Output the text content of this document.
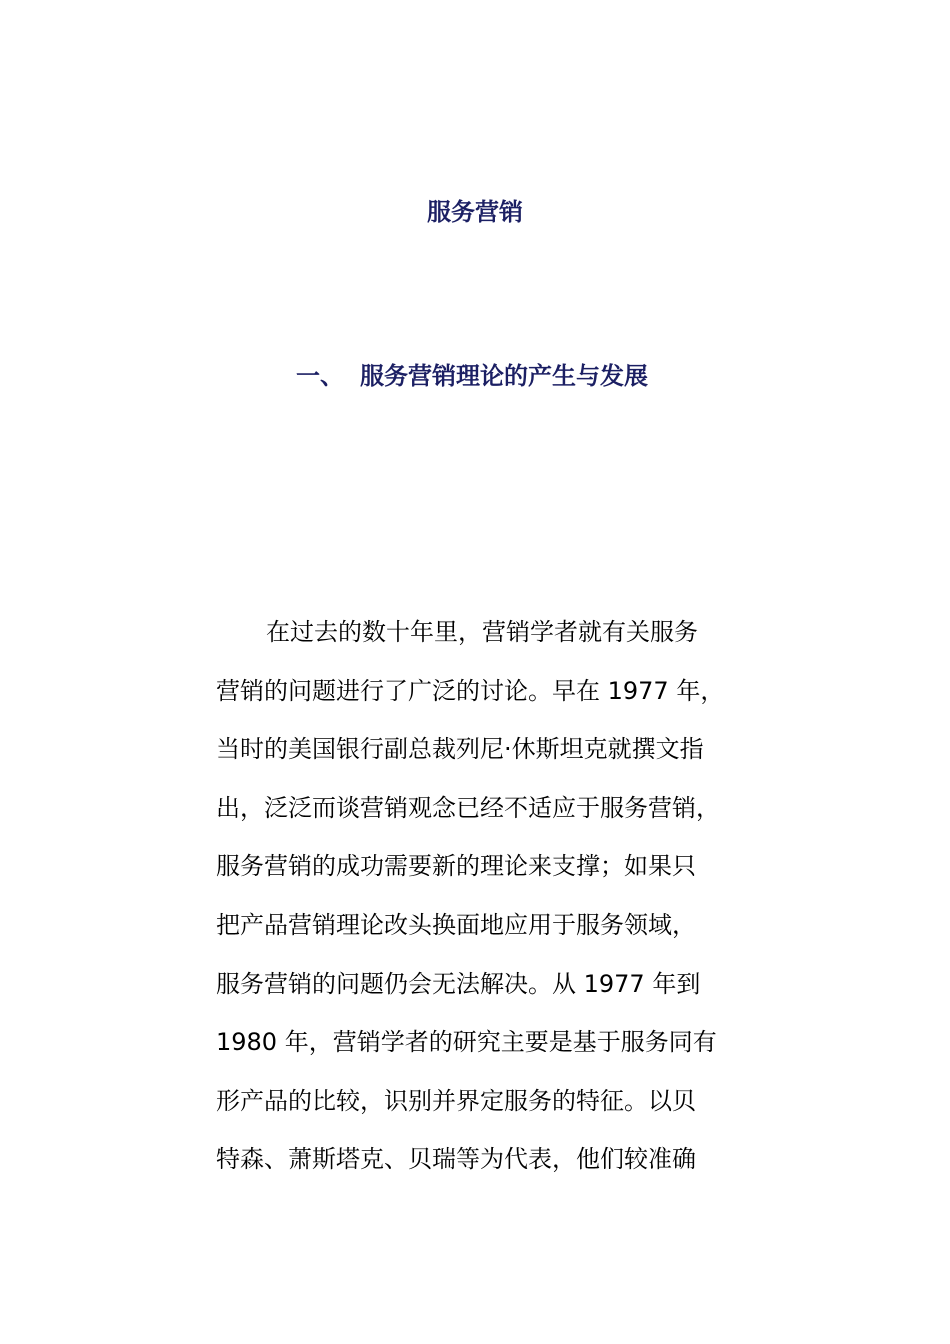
服务营销
一、 服务营销理论的产生与发展
在过去的数十年里，营销学者就有关服务
营销的问题进行了广泛的讨论。早在 1977 年，
当时的美国银行副总裁列尼·休斯坦克就撰文指
出，泛泛而谈营销观念已经不适应于服务营销，
服务营销的成功需要新的理论来支撑；如果只
把产品营销理论改头换面地应用于服务领域，
服务营销的问题仍会无法解决。从 1977 年到
1980 年，营销学者的研究主要是基于服务同有
形产品的比较，识别并界定服务的特征。以贝
特森、萧斯塔克、贝瑞等为代表，他们较准确
